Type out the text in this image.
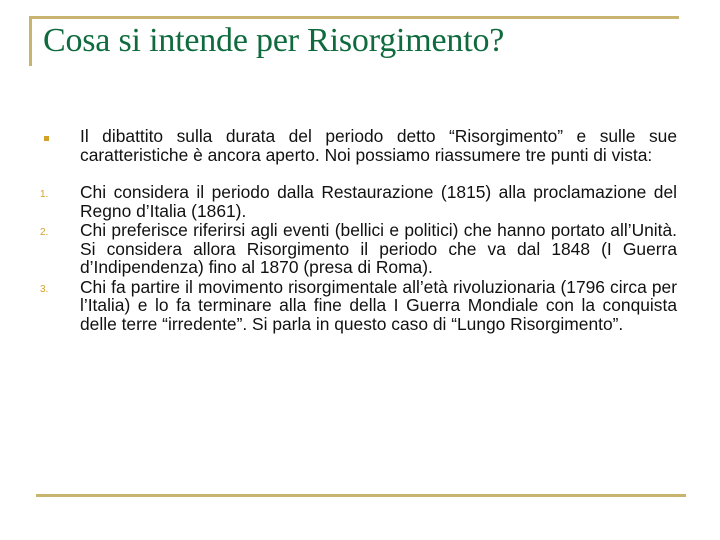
Cosa si intende per Risorgimento?
Il dibattito sulla durata del periodo detto “Risorgimento” e sulle sue caratteristiche è ancora aperto. Noi possiamo riassumere tre punti di vista:
1. Chi considera il periodo dalla Restaurazione (1815) alla proclamazione del Regno d’Italia (1861).
2. Chi preferisce riferirsi agli eventi (bellici e politici) che hanno portato all’Unità. Si considera allora Risorgimento il periodo che va dal 1848 (I Guerra d’Indipendenza) fino al 1870 (presa di Roma).
3. Chi fa partire il movimento risorgimentale all’età rivoluzionaria (1796 circa per l’Italia) e lo fa terminare alla fine della I Guerra Mondiale con la conquista delle terre “irredente”. Si parla in questo caso di “Lungo Risorgimento”.
